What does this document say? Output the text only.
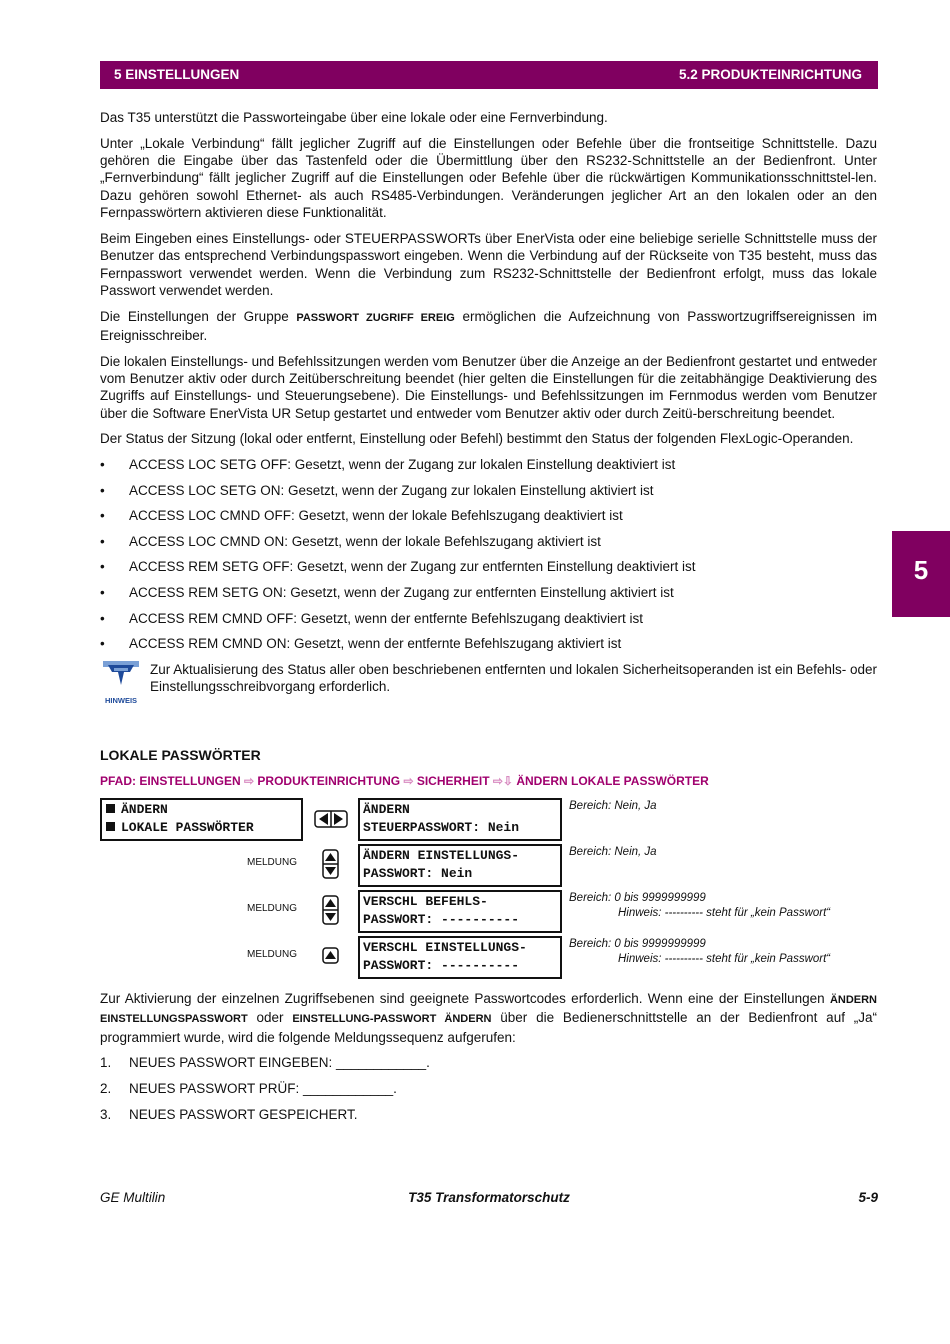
5 EINSTELLUNGEN	5.2 PRODUKTEINRICHTUNG
5

Das T35 unterstützt die Passworteingabe über eine lokale oder eine Fernverbindung.

Unter „Lokale Verbindung“ fällt jeglicher Zugriff auf die Einstellungen oder Befehle über die frontseitige Schnittstelle. Dazu gehören die Eingabe über das Tastenfeld oder die Übermittlung über den RS232-Schnittstelle an der Bedienfront. Unter „Fernverbindung“ fällt jeglicher Zugriff auf die Einstellungen oder Befehle über die rückwärtigen Kommunikationsschnittstel-len. Dazu gehören sowohl Ethernet- als auch RS485-Verbindungen. Veränderungen jeglicher Art an den lokalen oder an den Fernpasswörtern aktivieren diese Funktionalität.

Beim Eingeben eines Einstellungs- oder STEUERPASSWORTs über EnerVista oder eine beliebige serielle Schnittstelle muss der Benutzer das entsprechend Verbindungspasswort eingeben. Wenn die Verbindung auf der Rückseite von T35 besteht, muss das Fernpasswort verwendet werden. Wenn die Verbindung zum RS232-Schnittstelle der Bedienfront erfolgt, muss das lokale Passwort verwendet werden.

Die Einstellungen der Gruppe PASSWORT ZUGRIFF EREIG ermöglichen die Aufzeichnung von Passwortzugriffsereignissen im Ereignisschreiber.

Die lokalen Einstellungs- und Befehlssitzungen werden vom Benutzer über die Anzeige an der Bedienfront gestartet und entweder vom Benutzer aktiv oder durch Zeitüberschreitung beendet (hier gelten die Einstellungen für die zeitabhängige Deaktivierung des Zugriffs auf Einstellungs- und Steuerungsebene). Die Einstellungs- und Befehlssitzungen im Fernmodus werden vom Benutzer über die Software EnerVista UR Setup gestartet und entweder vom Benutzer aktiv oder durch Zeitü-berschreitung beendet.

Der Status der Sitzung (lokal oder entfernt, Einstellung oder Befehl) bestimmt den Status der folgenden FlexLogic-Operanden.

• ACCESS LOC SETG OFF: Gesetzt, wenn der Zugang zur lokalen Einstellung deaktiviert ist
• ACCESS LOC SETG ON: Gesetzt, wenn der Zugang zur lokalen Einstellung aktiviert ist
• ACCESS LOC CMND OFF: Gesetzt, wenn der lokale Befehlszugang deaktiviert ist
• ACCESS LOC CMND ON: Gesetzt, wenn der lokale Befehlszugang aktiviert ist
• ACCESS REM SETG OFF: Gesetzt, wenn der Zugang zur entfernten Einstellung deaktiviert ist
• ACCESS REM SETG ON: Gesetzt, wenn der Zugang zur entfernten Einstellung aktiviert ist
• ACCESS REM CMND OFF: Gesetzt, wenn der entfernte Befehlszugang deaktiviert ist
• ACCESS REM CMND ON: Gesetzt, wenn der entfernte Befehlszugang aktiviert ist
HINWEIS
Zur Aktualisierung des Status aller oben beschriebenen entfernten und lokalen Sicherheitsoperanden ist ein Befehls- oder Einstellungsschreibvorgang erforderlich.
LOKALE PASSWÖRTER
PFAD: EINSTELLUNGEN ⇨ PRODUKTEINRICHTUNG ⇨ SICHERHEIT ⇨⇩ ÄNDERN LOKALE PASSWÖRTER
ÄNDERN
LOKALE PASSWÖRTER
ÄNDERN
STEUERPASSWORT: Nein
Bereich: Nein, Ja
MELDUNG	ÄNDERN EINSTELLUNGS-
PASSWORT: Nein
Bereich: Nein, Ja
MELDUNG	VERSCHL BEFEHLS-
PASSWORT: ----------
Bereich: 0 bis 9999999999
Hinweis: ---------- steht für „kein Passwort“
MELDUNG	VERSCHL EINSTELLUNGS-
PASSWORT: ----------
Bereich: 0 bis 9999999999
Hinweis: ---------- steht für „kein Passwort“

Zur Aktivierung der einzelnen Zugriffsebenen sind geeignete Passwortcodes erforderlich. Wenn eine der Einstellungen ÄNDERN EINSTELLUNGSPASSWORT oder EINSTELLUNG-PASSWORT ÄNDERN über die Bedienerschnittstelle an der Bedienfront auf „Ja“ programmiert wurde, wird die folgende Meldungssequenz aufgerufen:

1. NEUES PASSWORT EINGEBEN: ____________.
2. NEUES PASSWORT PRÜF: ____________.
3. NEUES PASSWORT GESPEICHERT.
GE Multilin	T35 Transformatorschutz	5-9
